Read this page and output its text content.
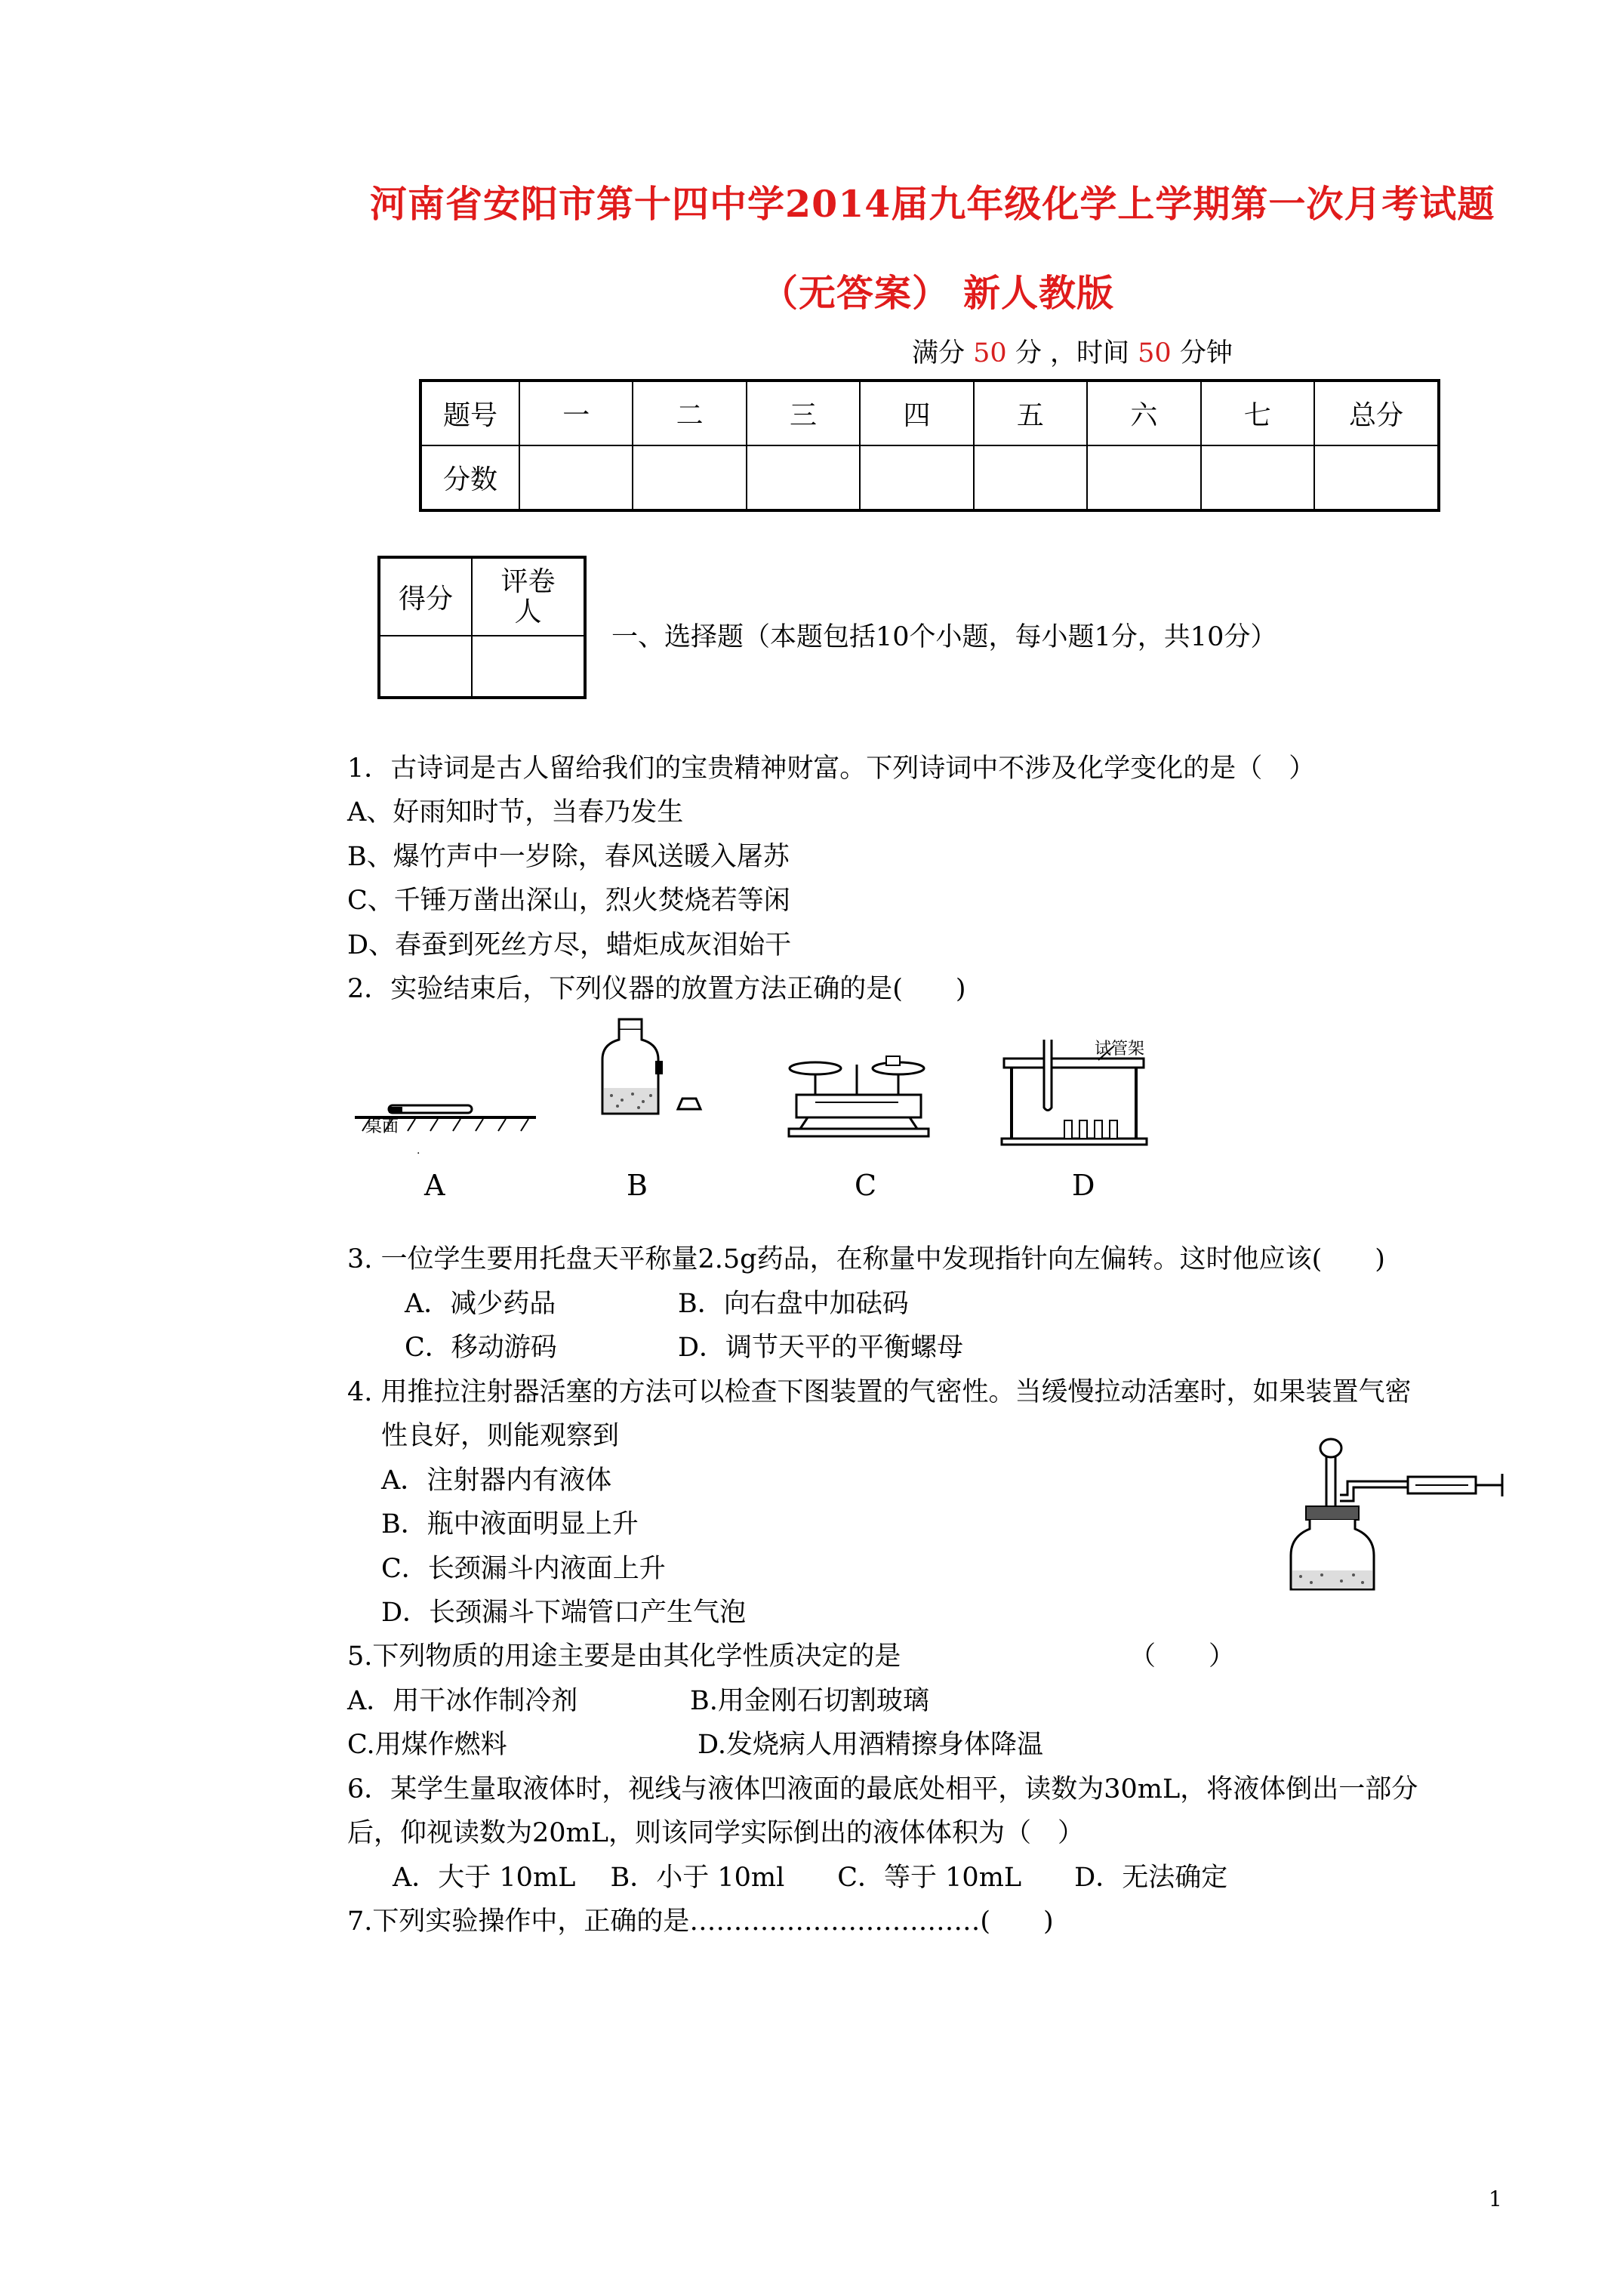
河南省安阳市第十四中学2014届九年级化学上学期第一次月考试题
（无答案） 新人教版
满分 50 分 ，时间 50 分钟
题号	一	二	三	四	五	六	七	总分
分数								
得分	评卷
人

一、选择题（本题包括10个小题，每小题1分，共10分）
1．古诗词是古人留给我们的宝贵精神财富。下列诗词中不涉及化学变化的是（　）
A、好雨知时节，当春乃发生
B、爆竹声中一岁除，春风送暖入屠苏
C、千锤万凿出深山，烈火焚烧若等闲
D、春蚕到死丝方尽，蜡炬成灰泪始干
2．实验结束后，下列仪器的放置方法正确的是(　　)
桌面
·
A	B	C
试管架
D
3. 一位学生要用托盘天平称量2.5g药品，在称量中发现指针向左偏转。这时他应该(　　)
A．减少药品	B．向右盘中加砝码
C．移动游码	D．调节天平的平衡螺母
4. 用推拉注射器活塞的方法可以检查下图装置的气密性。当缓慢拉动活塞时，如果装置气密
性良好，则能观察到
A．注射器内有液体
B．瓶中液面明显上升
C．长颈漏斗内液面上升
D．长颈漏斗下端管口产生气泡
5.下列物质的用途主要是由其化学性质决定的是	（　　）
A．用干冰作制冷剂	B.用金刚石切割玻璃
C.用煤作燃料	D.发烧病人用酒精擦身体降温
6．某学生量取液体时，视线与液体凹液面的最底处相平，读数为30mL，将液体倒出一部分
后，仰视读数为20mL，则该同学实际倒出的液体体积为（　）
A．大于 10mL　 B．小于 10ml　　C．等于 10mL　　D．无法确定
7.下列实验操作中，正确的是……………………………(　　)
1
